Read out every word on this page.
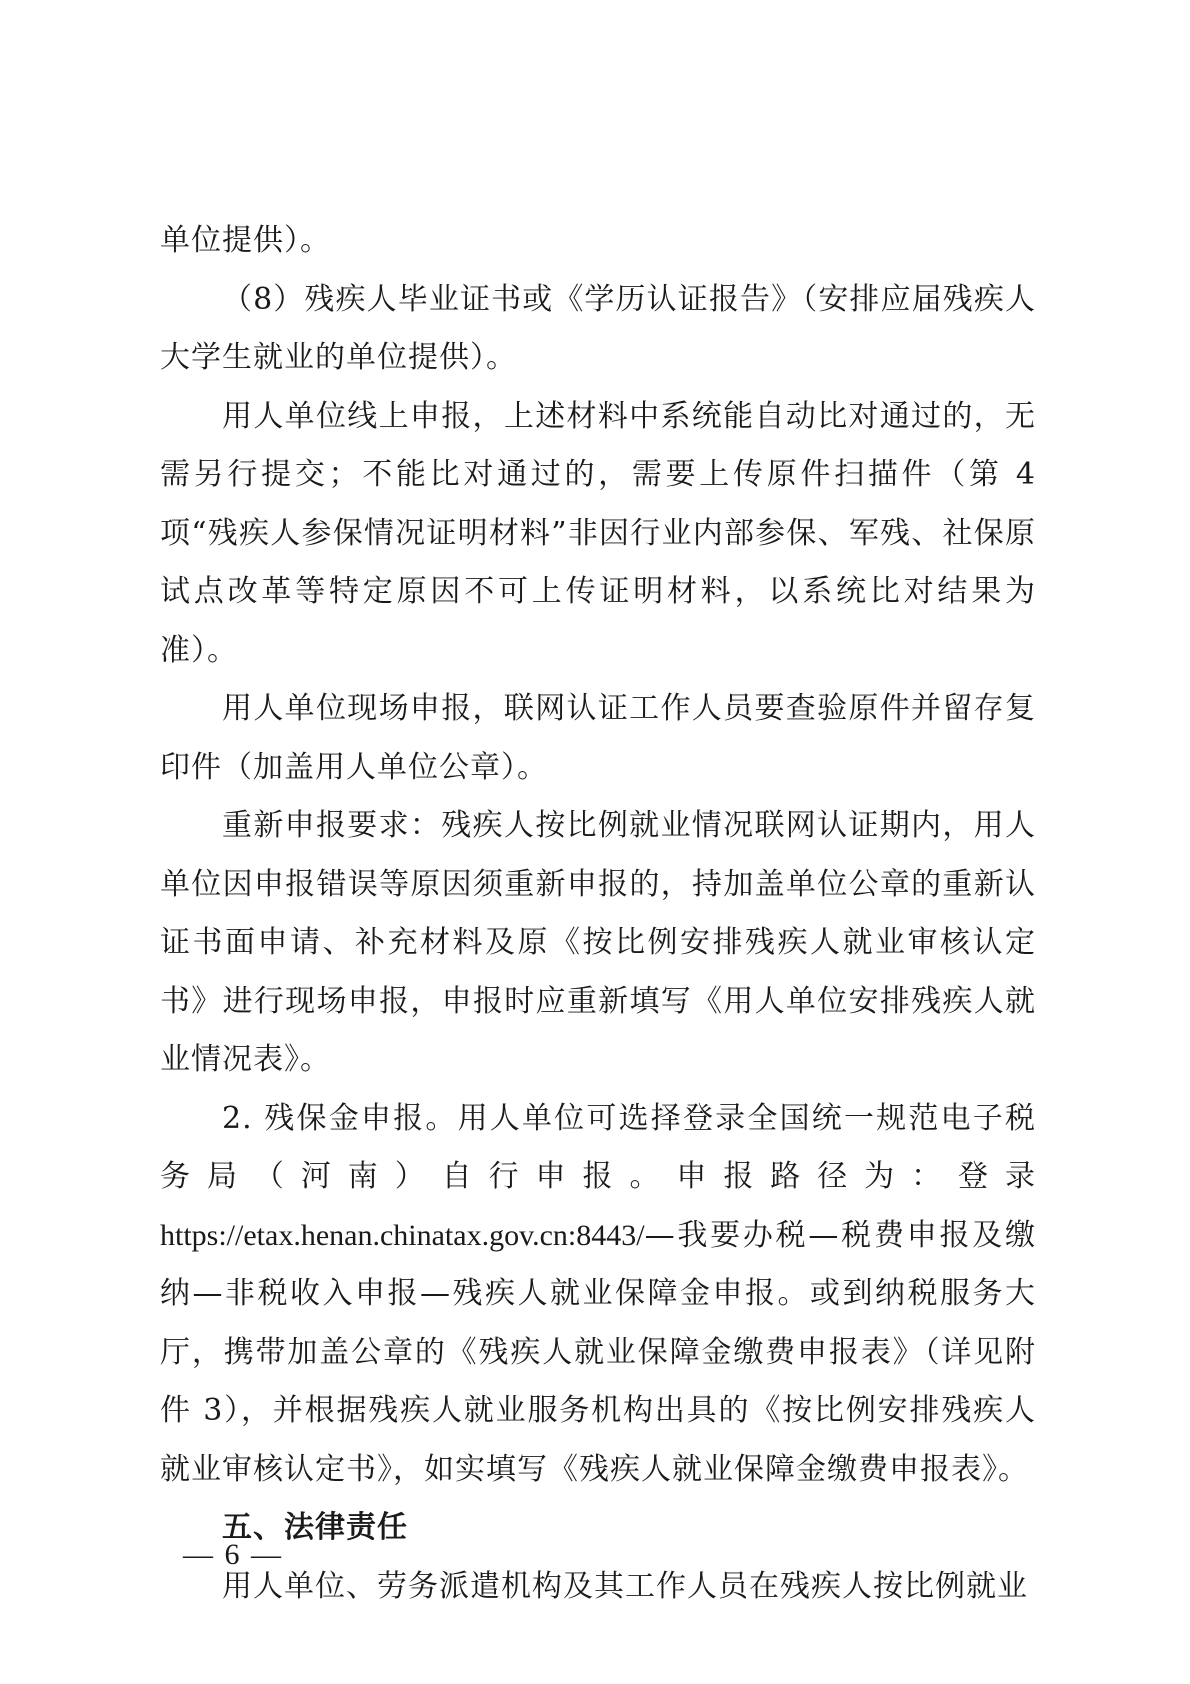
单位提供）。

（8）残疾人毕业证书或《学历认证报告》（安排应届残疾人大学生就业的单位提供）。

用人单位线上申报，上述材料中系统能自动比对通过的，无需另行提交；不能比对通过的，需要上传原件扫描件（第 4 项“残疾人参保情况证明材料”非因行业内部参保、军残、社保原试点改革等特定原因不可上传证明材料，以系统比对结果为准）。

用人单位现场申报，联网认证工作人员要查验原件并留存复印件（加盖用人单位公章）。

重新申报要求：残疾人按比例就业情况联网认证期内，用人单位因申报错误等原因须重新申报的，持加盖单位公章的重新认证书面申请、补充材料及原《按比例安排残疾人就业审核认定书》进行现场申报，申报时应重新填写《用人单位安排残疾人就业情况表》。

2. 残保金申报。用人单位可选择登录全国统一规范电子税务局（河南）自行申报。申报路径为：登录 https://etax.henan.chinatax.gov.cn:8443/—我要办税—税费申报及缴纳—非税收入申报—残疾人就业保障金申报。或到纳税服务大厅，携带加盖公章的《残疾人就业保障金缴费申报表》（详见附件 3），并根据残疾人就业服务机构出具的《按比例安排残疾人就业审核认定书》，如实填写《残疾人就业保障金缴费申报表》。

五、法律责任

用人单位、劳务派遣机构及其工作人员在残疾人按比例就业

— 6 —
